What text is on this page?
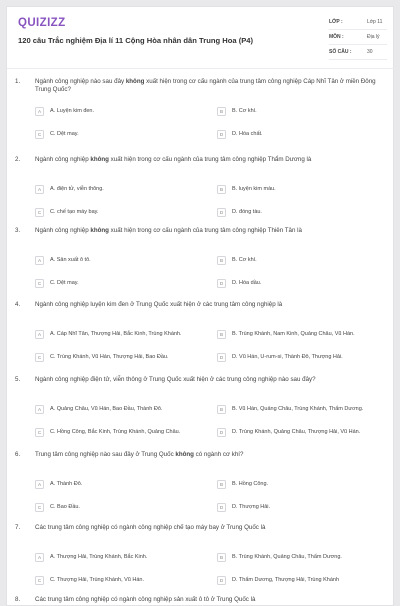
QUIZIZZ
120 câu Trắc nghiệm Địa lí 11 Cộng Hòa nhân dân Trung Hoa (P4)
LỚP :	Lớp 11
MÔN :	Địa lý
SỐ CÂU :	30
1. Ngành công nghiệp nào sau đây không xuất hiện trong cơ cấu ngành của trung tâm công nghiệp Cáp Nhĩ Tân ở miền Đông Trung Quốc?
A	A. Luyện kim đen.	B	B. Cơ khí.
C	C. Dệt may.	D	D. Hóa chất.
2. Ngành công nghiệp không xuất hiện trong cơ cấu ngành của trung tâm công nghiệp Thẩm Dương là
A	A. điện tử, viễn thông.	B	B. luyện kim màu.
C	C. chế tạo máy bay.	D	D. đóng tàu.
3. Ngành công nghiệp không xuất hiện trong cơ cấu ngành của trung tâm công nghiệp Thiên Tân là
A	A. Sản xuất ô tô.	B	B. Cơ khí.
C	C. Dệt may.	D	D. Hóa dầu.
4. Ngành công nghiệp luyện kim đen ở Trung Quốc xuất hiện ở các trung tâm công nghiệp là
A	A. Cáp Nhĩ Tân, Thượng Hải, Bắc Kinh, Trùng Khánh.	B	B. Trùng Khánh, Nam Kinh, Quảng Châu, Vũ Hán.
C	C. Trùng Khánh, Vũ Hán, Thượng Hải, Bao Đầu.	D	D. Vũ Hán, U-rum-si, Thành Đô, Thượng Hải.
5. Ngành công nghiệp điện tử, viễn thông ở Trung Quốc xuất hiện ở các trung công nghiệp nào sau đây?
A	A. Quảng Châu, Vũ Hán, Bao Đầu, Thành Đô.	B	B. Vũ Hán, Quảng Châu, Trùng Khánh, Thẩm Dương.
C	C. Hồng Công, Bắc Kinh, Trùng Khánh, Quảng Châu.	D	D. Trùng Khánh, Quảng Châu, Thượng Hải, Vũ Hán.
6. Trung tâm công nghiệp nào sau đây ở Trung Quốc không có ngành cơ khí?
A	A. Thành Đô.	B	B. Hồng Công.
C	C. Bao Đầu.	D	D. Thượng Hải.
7. Các trung tâm công nghiệp có ngành công nghiệp chế tạo máy bay ở Trung Quốc là
A	A. Thượng Hải, Trùng Khánh, Bắc Kinh.	B	B. Trùng Khánh, Quảng Châu, Thẩm Dương.
C	C. Thượng Hải, Trùng Khánh, Vũ Hán.	D	D. Thẩm Dương, Thượng Hải, Trùng Khánh
8. Các trung tâm công nghiệp có ngành công nghiệp sản xuất ô tô ở Trung Quốc là
